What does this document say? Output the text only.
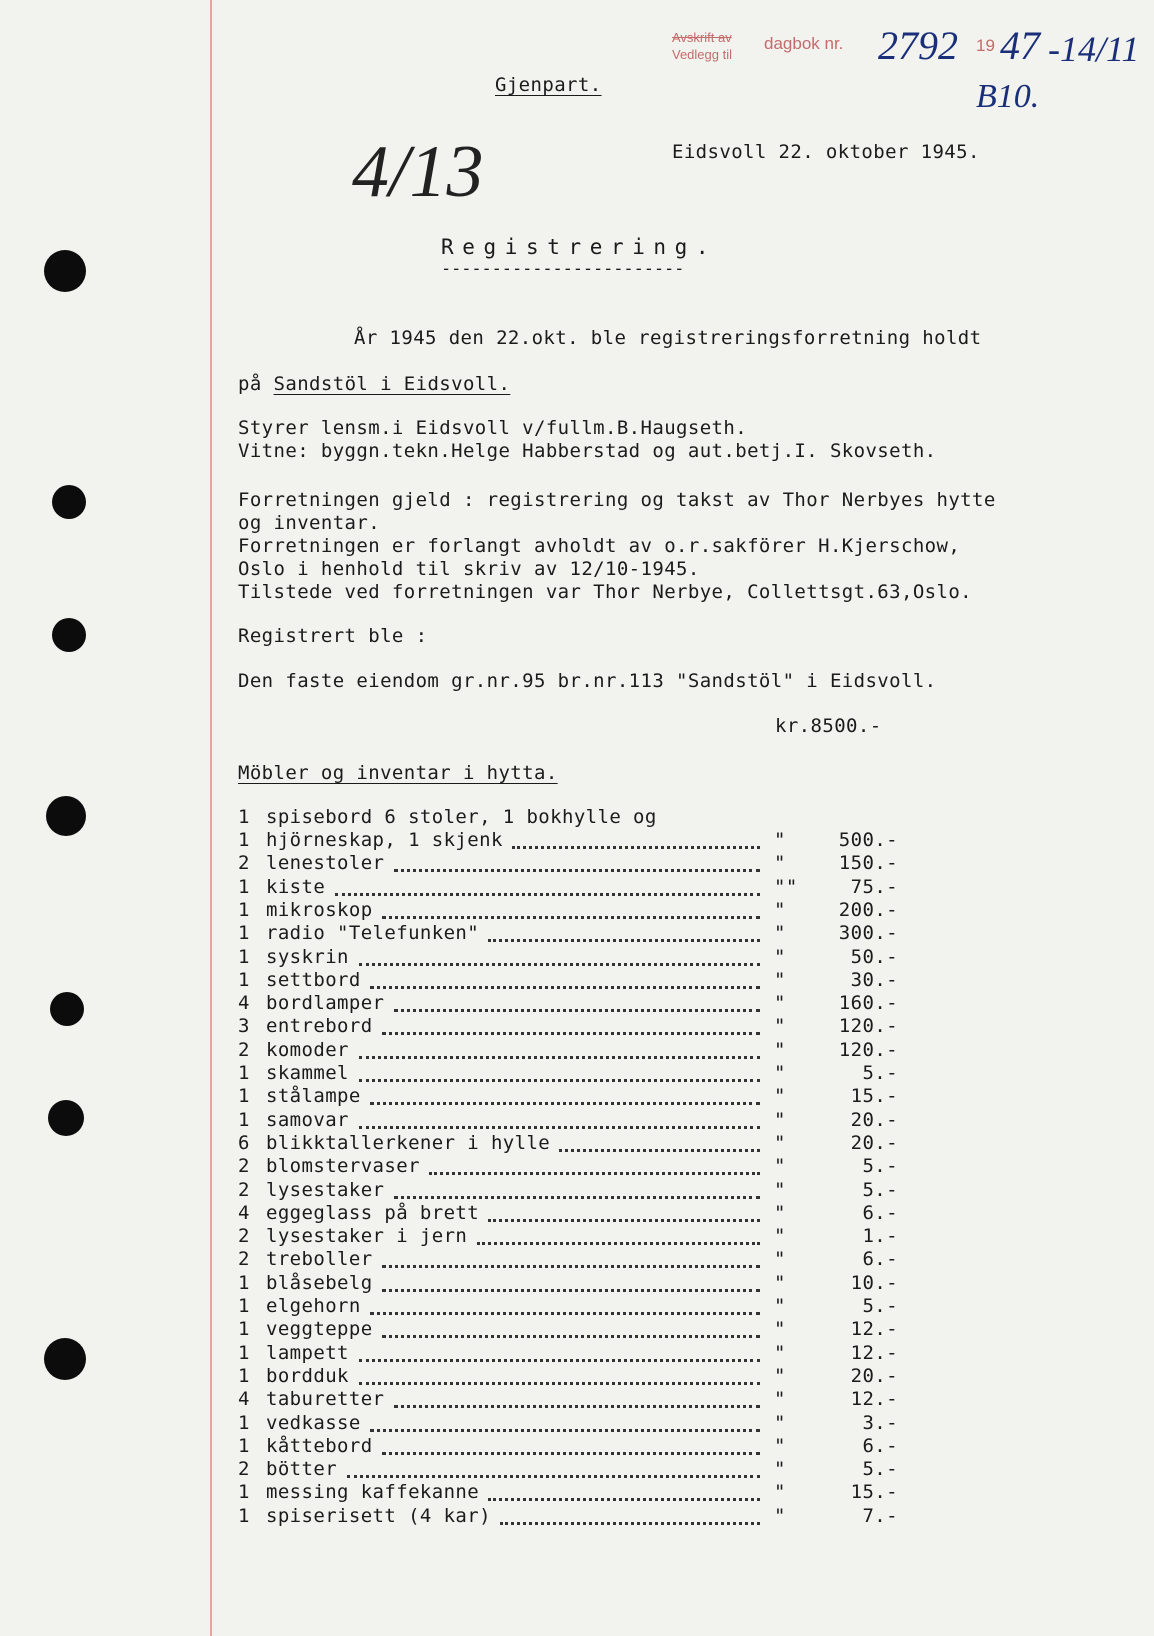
Avskrift av
Vedlegg til
dagbok nr.	19
2792 47 -14/11
B10.
4/13
Gjenpart.
Eidsvoll 22. oktober 1945.
Registrering.
------------------------
År 1945 den 22.okt. ble registreringsforretning holdt
på Sandstöl i Eidsvoll.
Styrer lensm.i Eidsvoll v/fullm.B.Haugseth.
Vitne: byggn.tekn.Helge Habberstad og aut.betj.I. Skovseth.
Forretningen gjeld : registrering og takst av Thor Nerbyes hytte
og inventar.
Forretningen er forlangt avholdt av o.r.sakförer H.Kjerschow,
Oslo i henhold til skriv av 12/10-1945.
Tilstede ved forretningen var Thor Nerbye, Collettsgt.63,Oslo.
Registrert ble :
Den faste eiendom gr.nr.95 br.nr.113 "Sandstöl" i Eidsvoll.
kr.8500.-
Möbler og inventar i hytta.
1 spisebord 6 stoler, 1 bokhylle og
1 hjörneskap, 1 skjenk	"	500.-
2 lenestoler	"	150.-
1 kiste	""	75.-
1 mikroskop	"	200.-
1 radio "Telefunken"	"	300.-
1 syskrin	"	50.-
1 settbord	"	30.-
4 bordlamper	"	160.-
3 entrebord	"	120.-
2 komoder	"	120.-
1 skammel	"	5.-
1 stålampe	"	15.-
1 samovar	"	20.-
6 blikktallerkener i hylle	"	20.-
2 blomstervaser	"	5.-
2 lysestaker	"	5.-
4 eggeglass på brett	"	6.-
2 lysestaker i jern	"	1.-
2 treboller	"	6.-
1 blåsebelg	"	10.-
1 elgehorn	"	5.-
1 veggteppe	"	12.-
1 lampett	"	12.-
1 bordduk	"	20.-
4 taburetter	"	12.-
1 vedkasse	"	3.-
1 kåttebord	"	6.-
2 bötter	"	5.-
1 messing kaffekanne	"	15.-
1 spiserisett (4 kar)	"	7.-
